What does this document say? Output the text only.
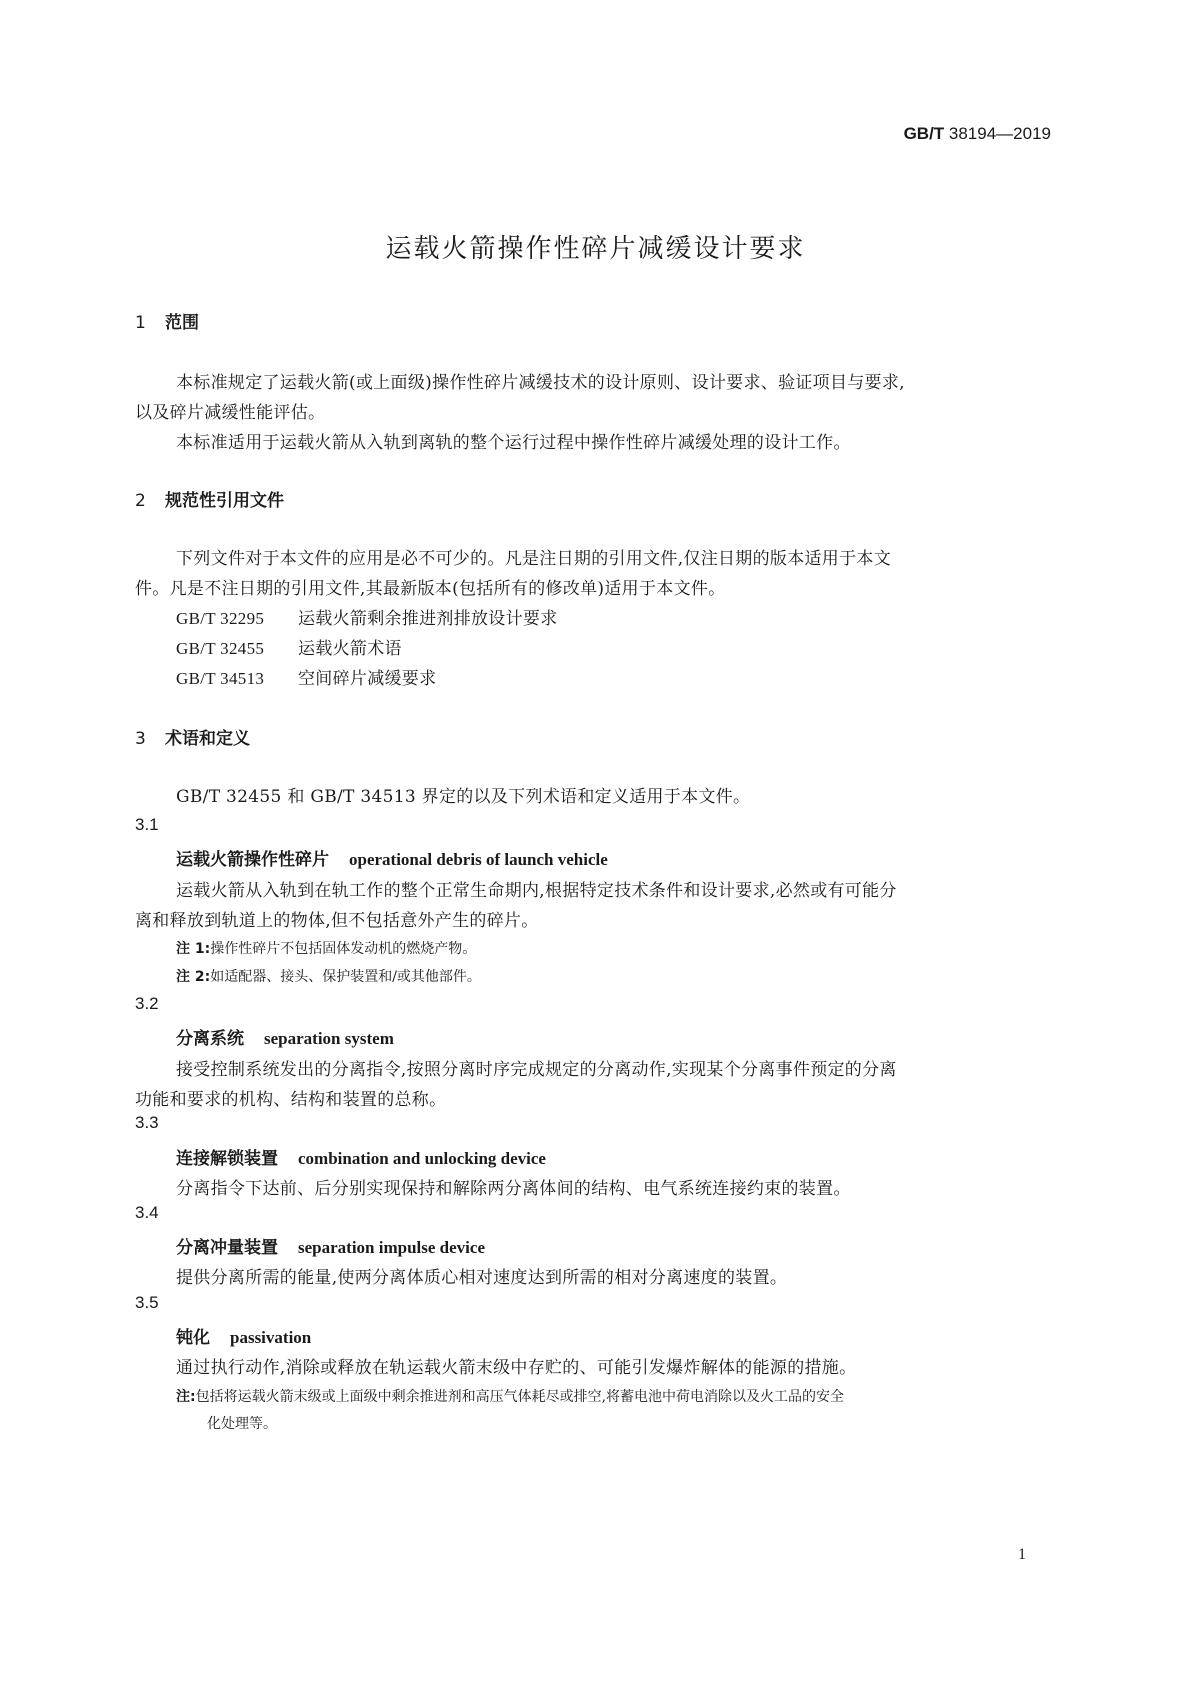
GB/T 38194—2019
运载火箭操作性碎片减缓设计要求
1 范围
本标准规定了运载火箭(或上面级)操作性碎片减缓技术的设计原则、设计要求、验证项目与要求,
以及碎片减缓性能评估。
本标准适用于运载火箭从入轨到离轨的整个运行过程中操作性碎片减缓处理的设计工作。
2 规范性引用文件
下列文件对于本文件的应用是必不可少的。凡是注日期的引用文件,仅注日期的版本适用于本文
件。凡是不注日期的引用文件,其最新版本(包括所有的修改单)适用于本文件。
GB/T 32295 运载火箭剩余推进剂排放设计要求
GB/T 32455 运载火箭术语
GB/T 34513 空间碎片减缓要求
3 术语和定义
GB/T 32455 和 GB/T 34513 界定的以及下列术语和定义适用于本文件。
3.1
运载火箭操作性碎片 operational debris of launch vehicle
运载火箭从入轨到在轨工作的整个正常生命期内,根据特定技术条件和设计要求,必然或有可能分
离和释放到轨道上的物体,但不包括意外产生的碎片。
注 1:操作性碎片不包括固体发动机的燃烧产物。
注 2:如适配器、接头、保护装置和/或其他部件。
3.2
分离系统 separation system
接受控制系统发出的分离指令,按照分离时序完成规定的分离动作,实现某个分离事件预定的分离
功能和要求的机构、结构和装置的总称。
3.3
连接解锁装置 combination and unlocking device
分离指令下达前、后分别实现保持和解除两分离体间的结构、电气系统连接约束的装置。
3.4
分离冲量装置 separation impulse device
提供分离所需的能量,使两分离体质心相对速度达到所需的相对分离速度的装置。
3.5
钝化 passivation
通过执行动作,消除或释放在轨运载火箭末级中存贮的、可能引发爆炸解体的能源的措施。
注:包括将运载火箭末级或上面级中剩余推进剂和高压气体耗尽或排空,将蓄电池中荷电消除以及火工品的安全
化处理等。
1
